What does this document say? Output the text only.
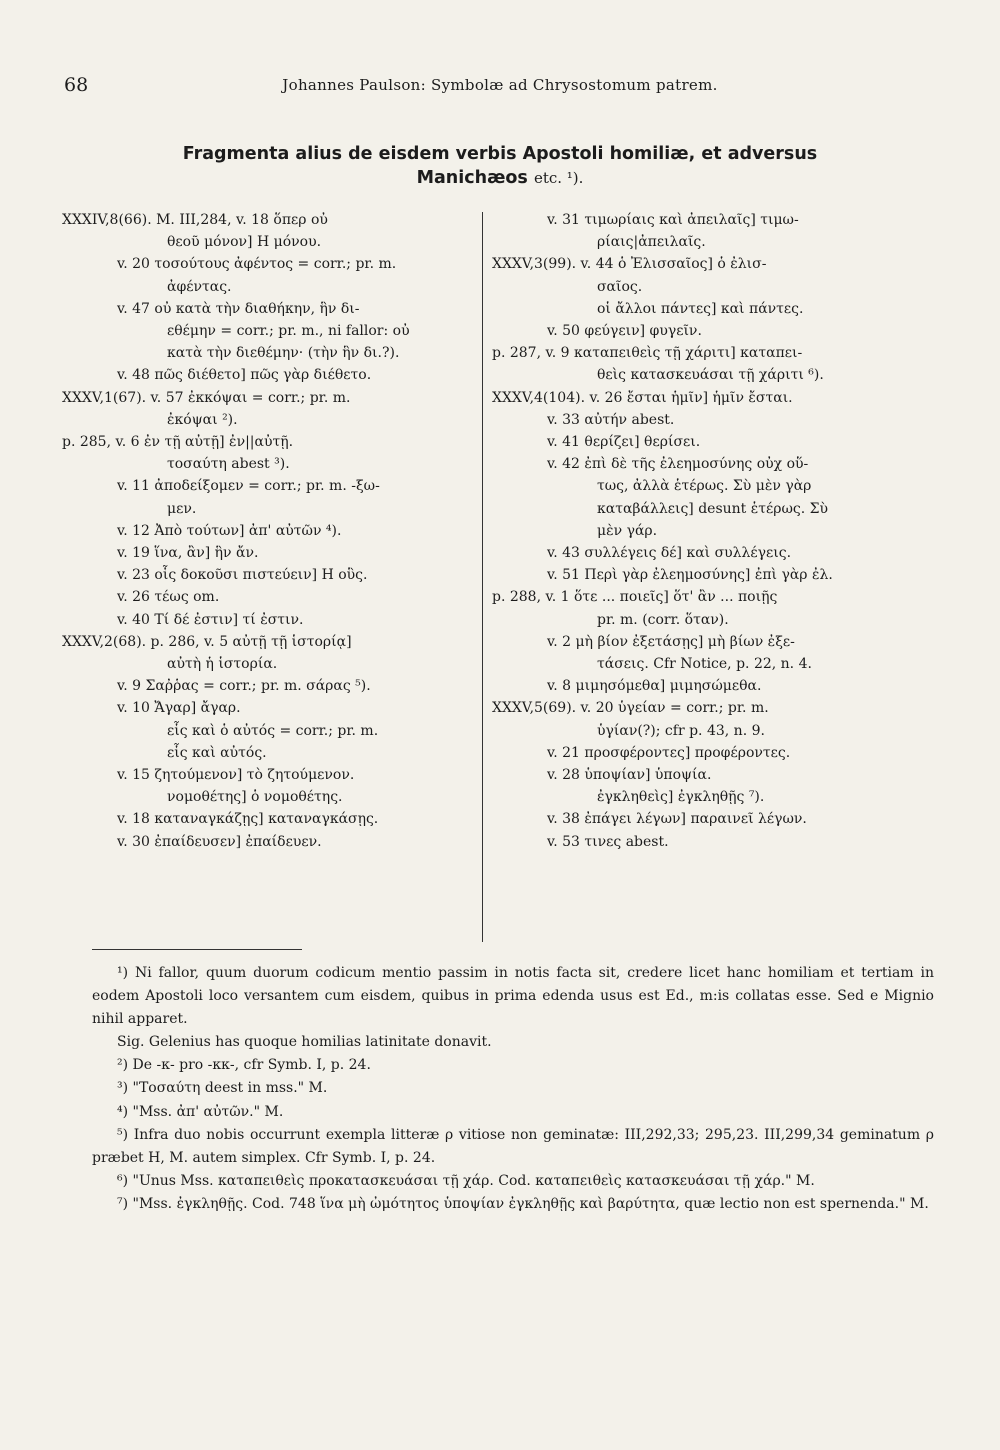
68	Johannes Paulson: Symbolæ ad Chrysostomum patrem.
Fragmenta alius de eisdem verbis Apostoli homiliæ, et adversus
Manichæos etc. ¹).
XXXIV,8(66). M. III,284, v. 18 ὅπερ οὐ
θεοῦ μόνον] H μόνου.
v. 20 τοσούτους ἀφέντος = corr.; pr. m.
ἀφέντας.
v. 47 οὐ κατὰ τὴν διαθήκην, ἣν δι-
εθέμην = corr.; pr. m., ni fallor: οὐ
κατὰ τὴν διεθέμην· (τὴν ἣν δι.?).
v. 48 πῶς διέθετο] πῶς γὰρ διέθετο.
XXXV,1(67). v. 57 ἐκκόψαι = corr.; pr. m.
ἐκόψαι ²).
p. 285, v. 6 ἐν τῇ αὐτῇ] ἐν||αὐτῇ.
τοσαύτη abest ³).
v. 11 ἀποδείξομεν = corr.; pr. m. -ξω-
μεν.
v. 12 Ἀπὸ τούτων] ἀπ' αὐτῶν ⁴).
v. 19 ἵνα, ἂν] ἣν ἄν.
v. 23 οἷς δοκοῦσι πιστεύειν] H οὓς.
v. 26 τέως om.
v. 40 Τί δέ ἐστιν] τί ἐστιν.
XXXV,2(68). p. 286, v. 5 αὐτῇ τῇ ἱστορίᾳ]
αὐτὴ ἡ ἱστορία.
v. 9 Σαῤῥας = corr.; pr. m. σάρας ⁵).
v. 10 Ἄγαρ] ἄγαρ.
εἷς καὶ ὁ αὐτός = corr.; pr. m.
εἷς καὶ αὐτός.
v. 15 ζητούμενον] τὸ ζητούμενον.
νομοθέτης] ὁ νομοθέτης.
v. 18 καταναγκάζῃς] καταναγκάσῃς.
v. 30 ἐπαίδευσεν] ἐπαίδευεν.
v. 31 τιμωρίαις καὶ ἀπειλαῖς] τιμω-
ρίαις|ἀπειλαῖς.
XXXV,3(99). v. 44 ὁ Ἐλισσαῖος] ὁ ἐλισ-
σαῖος.
οἱ ἄλλοι πάντες] καὶ πάντες.
v. 50 φεύγειν] φυγεῖν.
p. 287, v. 9 καταπειθεὶς τῇ χάριτι] καταπει-
θεὶς κατασκευάσαι τῇ χάριτι ⁶).
XXXV,4(104). v. 26 ἔσται ἡμῖν] ἡμῖν ἔσται.
v. 33 αὐτήν abest.
v. 41 θερίζει] θερίσει.
v. 42 ἐπὶ δὲ τῆς ἐλεημοσύνης οὐχ οὕ-
τως, ἀλλὰ ἑτέρως. Σὺ μὲν γὰρ
καταβάλλεις] desunt ἑτέρως. Σὺ
μὲν γάρ.
v. 43 συλλέγεις δέ] καὶ συλλέγεις.
v. 51 Περὶ γὰρ ἐλεημοσύνης] ἐπὶ γὰρ ἐλ.
p. 288, v. 1 ὅτε ... ποιεῖς] ὅτ' ἂν ... ποιῇς
pr. m. (corr. ὅταν).
v. 2 μὴ βίον ἐξετάσῃς] μὴ βίων ἐξε-
τάσεις. Cfr Notice, p. 22, n. 4.
v. 8 μιμησόμεθα] μιμησώμεθα.
XXXV,5(69). v. 20 ὑγείαν = corr.; pr. m.
ὑγίαν(?); cfr p. 43, n. 9.
v. 21 προσφέροντες] προφέροντες.
v. 28 ὑποψίαν] ὑποψία.
ἐγκληθεὶς] ἐγκληθῇς ⁷).
v. 38 ἐπάγει λέγων] παραινεῖ λέγων.
v. 53 τινες abest.
¹) Ni fallor, quum duorum codicum mentio passim in notis facta sit, credere licet hanc homiliam et tertiam in eodem Apostoli loco versantem cum eisdem, quibus in prima edenda usus est Ed., m:is collatas esse. Sed e Mignio nihil apparet.
Sig. Gelenius has quoque homilias latinitate donavit.
²) De -κ- pro -κκ-, cfr Symb. I, p. 24.
³) "Τοσαύτη deest in mss." M.
⁴) "Mss. ἀπ' αὐτῶν." M.
⁵) Infra duo nobis occurrunt exempla litteræ ρ vitiose non geminatæ: III,292,33; 295,23. III,299,34 geminatum ρ præbet H, M. autem simplex. Cfr Symb. I, p. 24.
⁶) "Unus Mss. καταπειθεὶς προκατασκευάσαι τῇ χάρ. Cod. καταπειθεὶς κατασκευάσαι τῇ χάρ." M.
⁷) "Mss. ἐγκληθῇς. Cod. 748 ἵνα μὴ ὠμότητος ὑποψίαν ἐγκληθῇς καὶ βαρύτητα, quæ lectio non est spernenda." M.
